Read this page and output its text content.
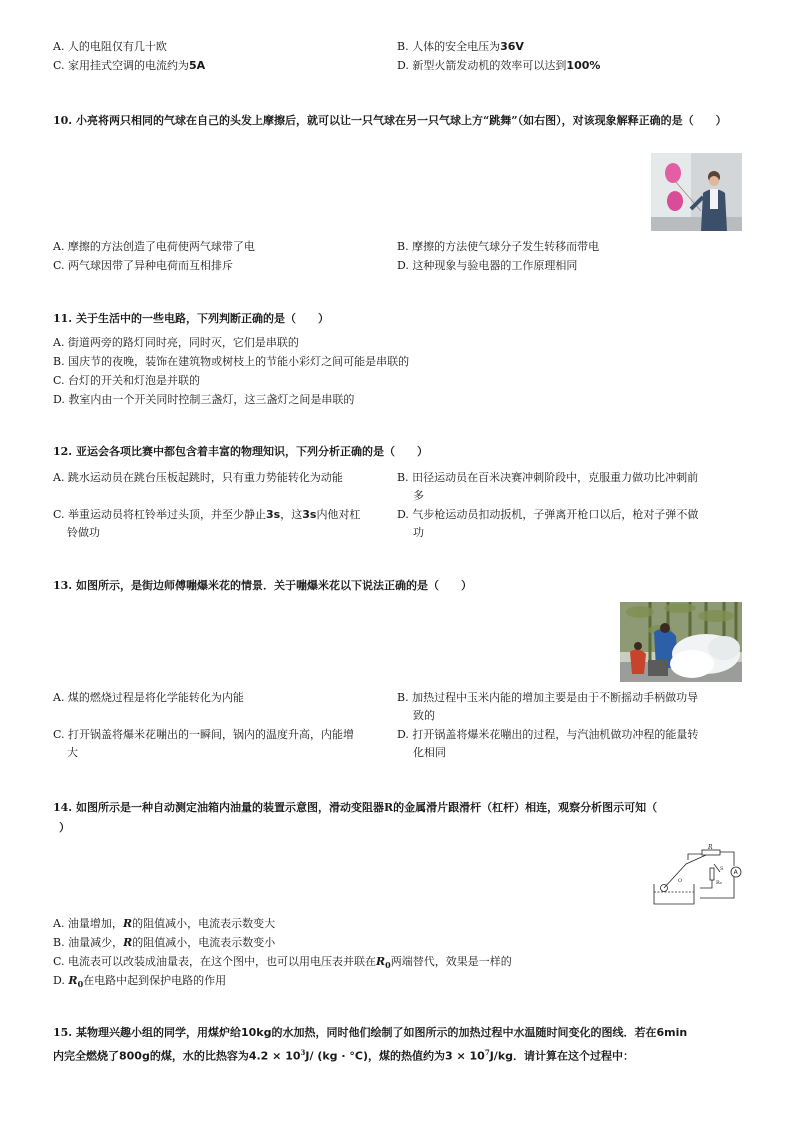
A. 人的电阻仅有几十欧	B. 人体的安全电压为36V
C. 家用挂式空调的电流约为5A	D. 新型火箭发动机的效率可以达到100%
10. 小亮将两只相同的气球在自己的头发上摩擦后，就可以让一只气球在另一只气球上方“跳舞”（如右图），对该现象解释正确的是（　　）
A. 摩擦的方法创造了电荷使两气球带了电	B. 摩擦的方法使气球分子发生转移而带电
C. 两气球因带了异种电荷而互相排斥	D. 这种现象与验电器的工作原理相同
11. 关于生活中的一些电路，下列判断正确的是（　　）
A. 街道两旁的路灯同时亮，同时灭，它们是串联的
B. 国庆节的夜晚，装饰在建筑物或树枝上的节能小彩灯之间可能是串联的
C. 台灯的开关和灯泡是并联的
D. 教室内由一个开关同时控制三盏灯，这三盏灯之间是串联的
12. 亚运会各项比赛中都包含着丰富的物理知识，下列分析正确的是（　　）
A. 跳水运动员在跳台压板起跳时，只有重力势能转化为动能	B. 田径运动员在百米决赛冲刺阶段中，克服重力做功比冲刺前
多
C. 举重运动员将杠铃举过头顶，并至少静止3s，这3s内他对杠
铃做功
D. 气步枪运动员扣动扳机，子弹离开枪口以后，枪对子弹不做
功
13. 如图所示，是街边师傅嘣爆米花的情景．关于嘣爆米花以下说法正确的是（　　）
A. 煤的燃烧过程是将化学能转化为内能	B. 加热过程中玉米内能的增加主要是由于不断摇动手柄做功导
致的
C. 打开锅盖将爆米花嘣出的一瞬间，锅内的温度升高，内能增
大
D. 打开锅盖将爆米花嘣出的过程，与汽油机做功冲程的能量转
化相同
14. 如图所示是一种自动测定油箱内油量的装置示意图，滑动变阻器R的金属滑片跟滑杆（杠杆）相连，观察分析图示可知（
）
R
O	R₀
S A
A. 油量增加，R的阻值减小，电流表示数变大
B. 油量减少，R的阻值减小，电流表示数变小
C. 电流表可以改装成油量表，在这个图中，也可以用电压表并联在$R_0$两端替代，效果是一样的
D. $R_0$在电路中起到保护电路的作用
15. 某物理兴趣小组的同学，用煤炉给10kg的水加热，同时他们绘制了如图所示的加热过程中水温随时间变化的图线．若在6min
内完全燃烧了800g的煤，水的比热容为$4.2 \times 10^3J/$ (kg · °C)，煤的热值约为$3 \times 10^7J/kg$．请计算在这个过程中：
